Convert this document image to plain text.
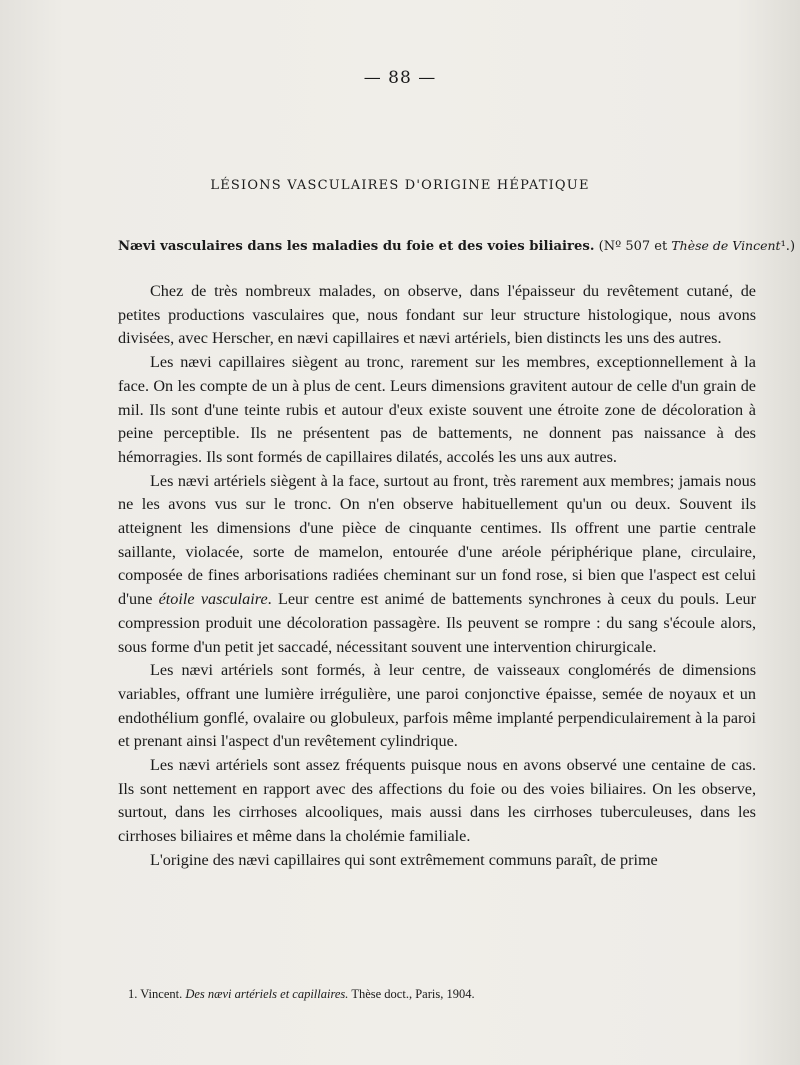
— 88 —
LÉSIONS VASCULAIRES D'ORIGINE HÉPATIQUE
Nævi vasculaires dans les maladies du foie et des voies biliaires. (Nº 507 et Thèse de Vincent¹.)

Chez de très nombreux malades, on observe, dans l'épaisseur du revêtement cutané, de petites productions vasculaires que, nous fondant sur leur structure histologique, nous avons divisées, avec Herscher, en nævi capillaires et nævi artériels, bien distincts les uns des autres.

Les nævi capillaires siègent au tronc, rarement sur les membres, exceptionnellement à la face. On les compte de un à plus de cent. Leurs dimensions gravitent autour de celle d'un grain de mil. Ils sont d'une teinte rubis et autour d'eux existe souvent une étroite zone de décoloration à peine perceptible. Ils ne présentent pas de battements, ne donnent pas naissance à des hémorragies. Ils sont formés de capillaires dilatés, accolés les uns aux autres.

Les nævi artériels siègent à la face, surtout au front, très rarement aux membres; jamais nous ne les avons vus sur le tronc. On n'en observe habituellement qu'un ou deux. Souvent ils atteignent les dimensions d'une pièce de cinquante centimes. Ils offrent une partie centrale saillante, violacée, sorte de mamelon, entourée d'une aréole périphérique plane, circulaire, composée de fines arborisations radiées cheminant sur un fond rose, si bien que l'aspect est celui d'une étoile vasculaire. Leur centre est animé de battements synchrones à ceux du pouls. Leur compression produit une décoloration passagère. Ils peuvent se rompre : du sang s'écoule alors, sous forme d'un petit jet saccadé, nécessitant souvent une intervention chirurgicale.

Les nævi artériels sont formés, à leur centre, de vaisseaux conglomérés de dimensions variables, offrant une lumière irrégulière, une paroi conjonctive épaisse, semée de noyaux et un endothélium gonflé, ovalaire ou globuleux, parfois même implanté perpendiculairement à la paroi et prenant ainsi l'aspect d'un revêtement cylindrique.

Les nævi artériels sont assez fréquents puisque nous en avons observé une centaine de cas. Ils sont nettement en rapport avec des affections du foie ou des voies biliaires. On les observe, surtout, dans les cirrhoses alcooliques, mais aussi dans les cirrhoses tuberculeuses, dans les cirrhoses biliaires et même dans la cholémie familiale.

L'origine des nævi capillaires qui sont extrêmement communs paraît, de prime

1. Vincent. Des nævi artériels et capillaires. Thèse doct., Paris, 1904.
